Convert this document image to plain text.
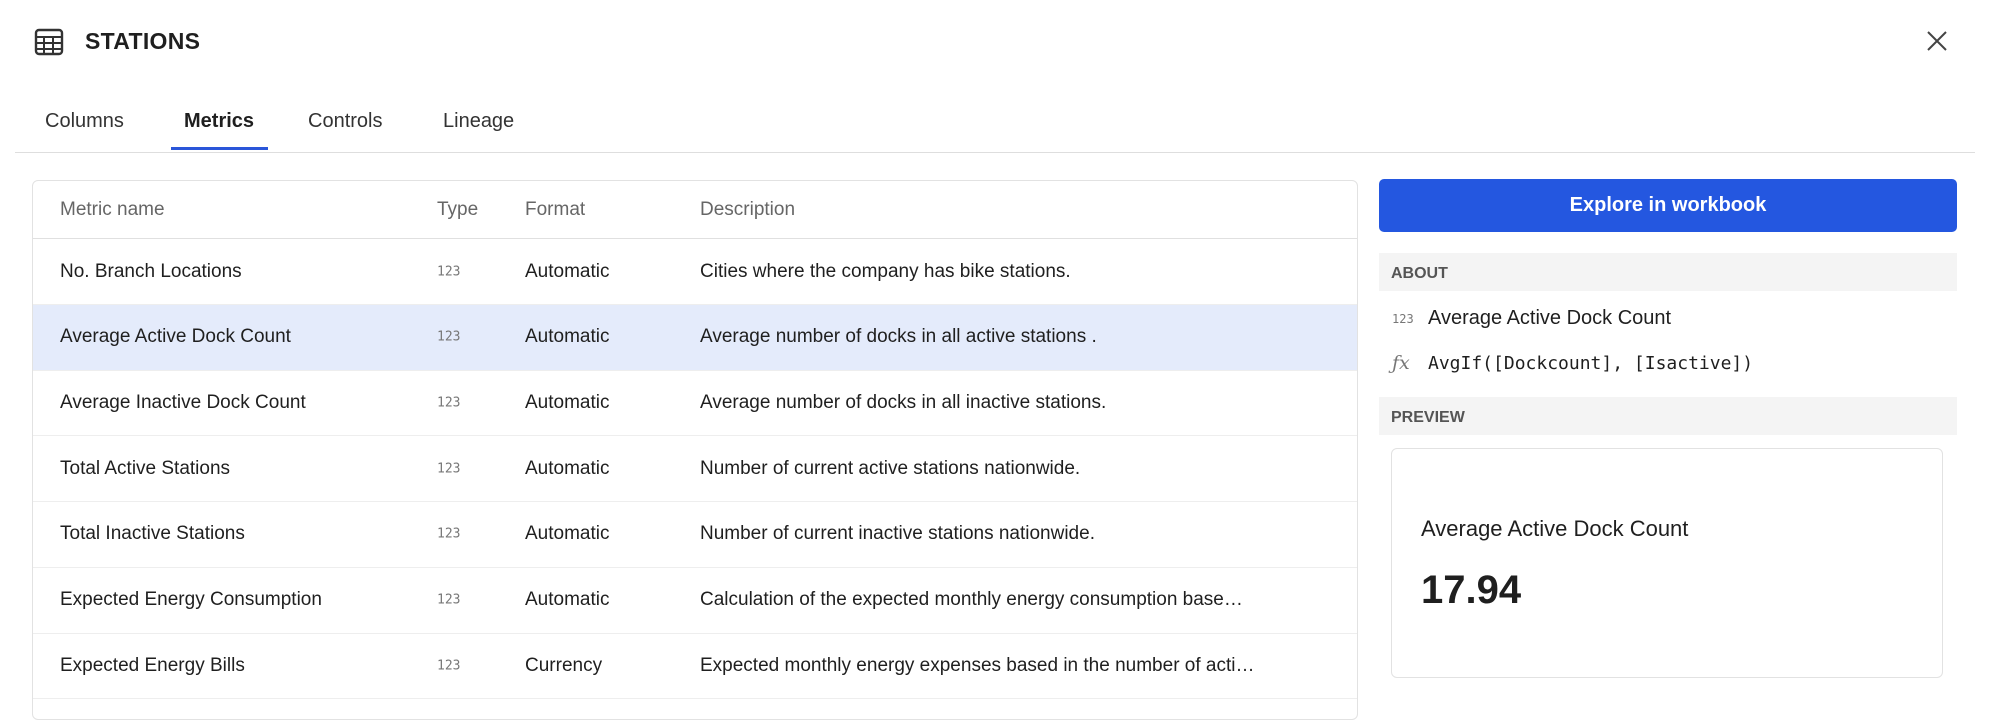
STATIONS
Columns	Metrics	Controls	Lineage
Metric name	Type Format	Description
No. Branch Locations	123	Automatic	Cities where the company has bike stations.
Average Active Dock Count	123	Automatic	Average number of docks in all active stations .
Average Inactive Dock Count	123	Automatic	Average number of docks in all inactive stations.
Total Active Stations	123	Automatic	Number of current active stations nationwide.
Total Inactive Stations	123	Automatic	Number of current inactive stations nationwide.
Expected Energy Consumption	123	Automatic	Calculation of the expected monthly energy consumption base…
Expected Energy Bills	123	Currency	Expected monthly energy expenses based in the number of acti…
Explore in workbook
ABOUT
123 Average Active Dock Count
ƒx AvgIf([Dockcount], [Isactive])
PREVIEW
Average Active Dock Count
17.94
